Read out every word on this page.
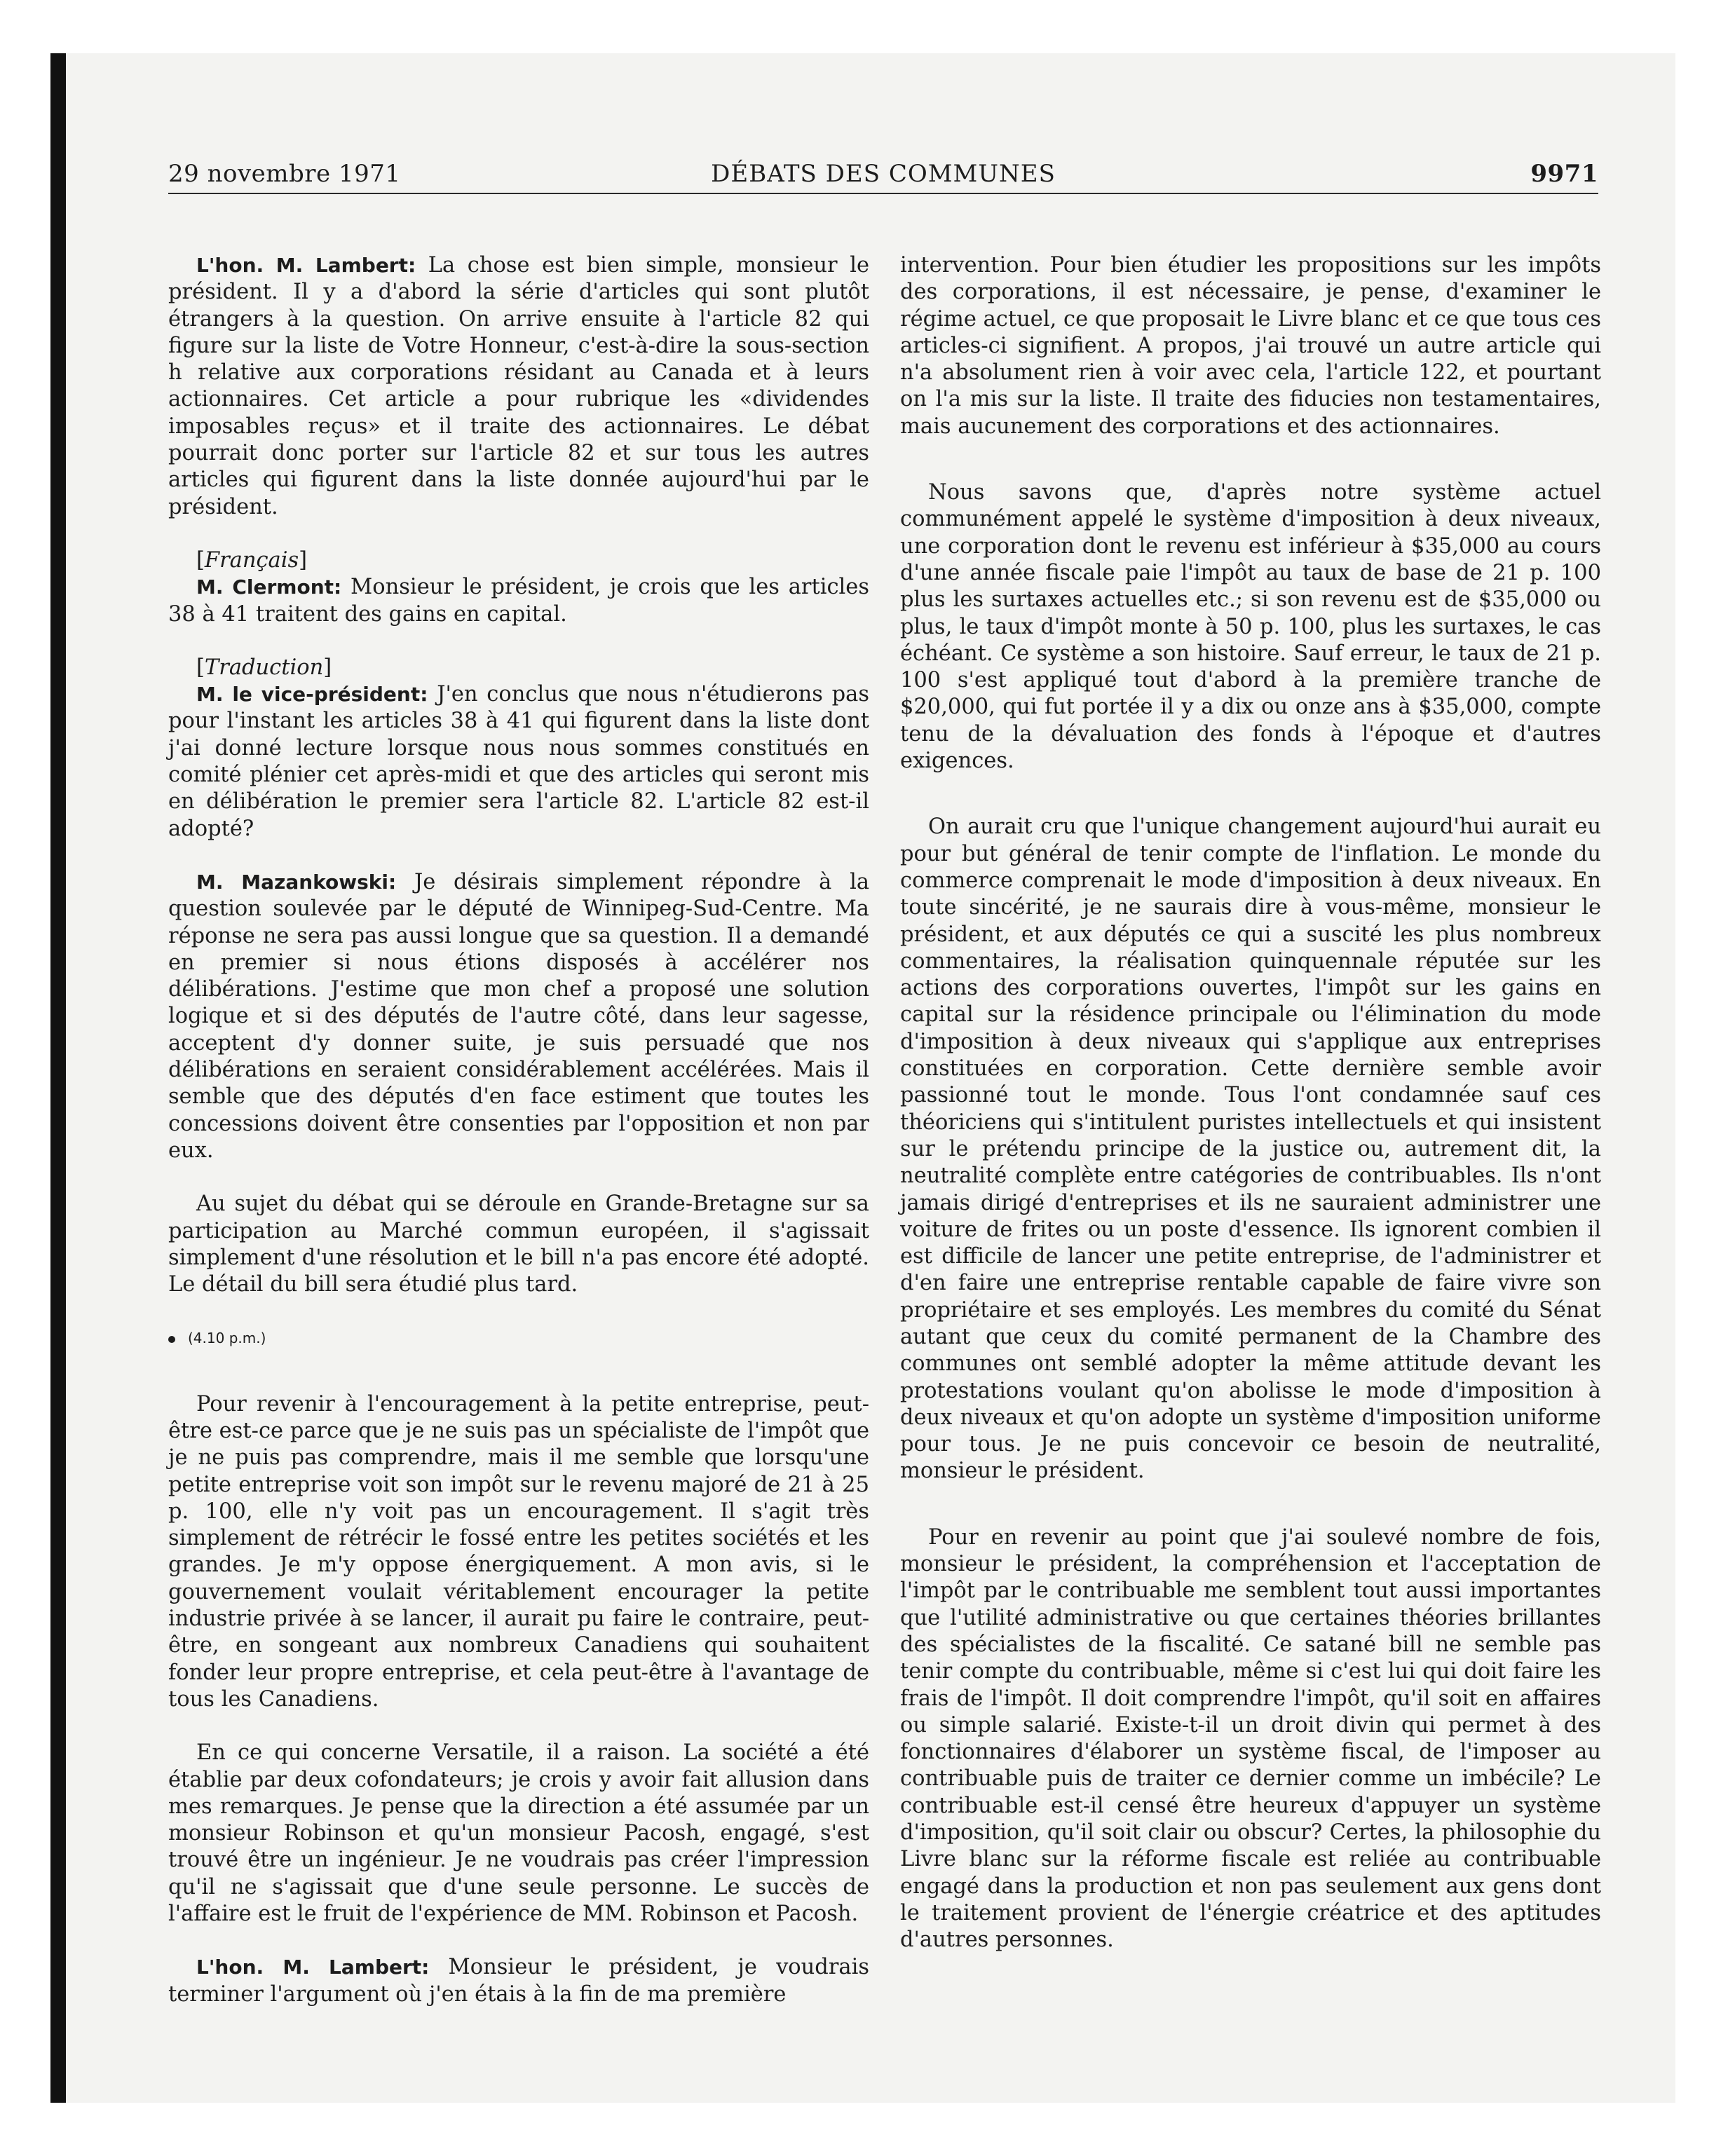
29 novembre 1971	DÉBATS DES COMMUNES	9971

L'hon. M. Lambert: La chose est bien simple, monsieur le président. Il y a d'abord la série d'articles qui sont plutôt étrangers à la question. On arrive ensuite à l'article 82 qui figure sur la liste de Votre Honneur, c'est-à-dire la sous-section h relative aux corporations résidant au Canada et à leurs actionnaires. Cet article a pour rubrique les «dividendes imposables reçus» et il traite des actionnaires. Le débat pourrait donc porter sur l'article 82 et sur tous les autres articles qui figurent dans la liste donnée aujourd'hui par le président.

[Français]

M. Clermont: Monsieur le président, je crois que les articles 38 à 41 traitent des gains en capital.

[Traduction]

M. le vice-président: J'en conclus que nous n'étudierons pas pour l'instant les articles 38 à 41 qui figurent dans la liste dont j'ai donné lecture lorsque nous nous sommes constitués en comité plénier cet après-midi et que des articles qui seront mis en délibération le premier sera l'article 82. L'article 82 est-il adopté?

M. Mazankowski: Je désirais simplement répondre à la question soulevée par le député de Winnipeg-Sud-Centre. Ma réponse ne sera pas aussi longue que sa question. Il a demandé en premier si nous étions disposés à accélérer nos délibérations. J'estime que mon chef a proposé une solution logique et si des députés de l'autre côté, dans leur sagesse, acceptent d'y donner suite, je suis persuadé que nos délibérations en seraient considérablement accélérées. Mais il semble que des députés d'en face estiment que toutes les concessions doivent être consenties par l'opposition et non par eux.

Au sujet du débat qui se déroule en Grande-Bretagne sur sa participation au Marché commun européen, il s'agissait simplement d'une résolution et le bill n'a pas encore été adopté. Le détail du bill sera étudié plus tard.

(4.10 p.m.)

Pour revenir à l'encouragement à la petite entreprise, peut-être est-ce parce que je ne suis pas un spécialiste de l'impôt que je ne puis pas comprendre, mais il me semble que lorsqu'une petite entreprise voit son impôt sur le revenu majoré de 21 à 25 p. 100, elle n'y voit pas un encouragement. Il s'agit très simplement de rétrécir le fossé entre les petites sociétés et les grandes. Je m'y oppose énergiquement. A mon avis, si le gouvernement voulait véritablement encourager la petite industrie privée à se lancer, il aurait pu faire le contraire, peut-être, en songeant aux nombreux Canadiens qui souhaitent fonder leur propre entreprise, et cela peut-être à l'avantage de tous les Canadiens.

En ce qui concerne Versatile, il a raison. La société a été établie par deux cofondateurs; je crois y avoir fait allusion dans mes remarques. Je pense que la direction a été assumée par un monsieur Robinson et qu'un monsieur Pacosh, engagé, s'est trouvé être un ingénieur. Je ne voudrais pas créer l'impression qu'il ne s'agissait que d'une seule personne. Le succès de l'affaire est le fruit de l'expérience de MM. Robinson et Pacosh.

L'hon. M. Lambert: Monsieur le président, je voudrais terminer l'argument où j'en étais à la fin de ma première

intervention. Pour bien étudier les propositions sur les impôts des corporations, il est nécessaire, je pense, d'examiner le régime actuel, ce que proposait le Livre blanc et ce que tous ces articles-ci signifient. A propos, j'ai trouvé un autre article qui n'a absolument rien à voir avec cela, l'article 122, et pourtant on l'a mis sur la liste. Il traite des fiducies non testamentaires, mais aucunement des corporations et des actionnaires.

Nous savons que, d'après notre système actuel communément appelé le système d'imposition à deux niveaux, une corporation dont le revenu est inférieur à $35,000 au cours d'une année fiscale paie l'impôt au taux de base de 21 p. 100 plus les surtaxes actuelles etc.; si son revenu est de $35,000 ou plus, le taux d'impôt monte à 50 p. 100, plus les surtaxes, le cas échéant. Ce système a son histoire. Sauf erreur, le taux de 21 p. 100 s'est appliqué tout d'abord à la première tranche de $20,000, qui fut portée il y a dix ou onze ans à $35,000, compte tenu de la dévaluation des fonds à l'époque et d'autres exigences.

On aurait cru que l'unique changement aujourd'hui aurait eu pour but général de tenir compte de l'inflation. Le monde du commerce comprenait le mode d'imposition à deux niveaux. En toute sincérité, je ne saurais dire à vous-même, monsieur le président, et aux députés ce qui a suscité les plus nombreux commentaires, la réalisation quinquennale réputée sur les actions des corporations ouvertes, l'impôt sur les gains en capital sur la résidence principale ou l'élimination du mode d'imposition à deux niveaux qui s'applique aux entreprises constituées en corporation. Cette dernière semble avoir passionné tout le monde. Tous l'ont condamnée sauf ces théoriciens qui s'intitulent puristes intellectuels et qui insistent sur le prétendu principe de la justice ou, autrement dit, la neutralité complète entre catégories de contribuables. Ils n'ont jamais dirigé d'entreprises et ils ne sauraient administrer une voiture de frites ou un poste d'essence. Ils ignorent combien il est difficile de lancer une petite entreprise, de l'administrer et d'en faire une entreprise rentable capable de faire vivre son propriétaire et ses employés. Les membres du comité du Sénat autant que ceux du comité permanent de la Chambre des communes ont semblé adopter la même attitude devant les protestations voulant qu'on abolisse le mode d'imposition à deux niveaux et qu'on adopte un système d'imposition uniforme pour tous. Je ne puis concevoir ce besoin de neutralité, monsieur le président.

Pour en revenir au point que j'ai soulevé nombre de fois, monsieur le président, la compréhension et l'acceptation de l'impôt par le contribuable me semblent tout aussi importantes que l'utilité administrative ou que certaines théories brillantes des spécialistes de la fiscalité. Ce satané bill ne semble pas tenir compte du contribuable, même si c'est lui qui doit faire les frais de l'impôt. Il doit comprendre l'impôt, qu'il soit en affaires ou simple salarié. Existe-t-il un droit divin qui permet à des fonctionnaires d'élaborer un système fiscal, de l'imposer au contribuable puis de traiter ce dernier comme un imbécile? Le contribuable est-il censé être heureux d'appuyer un système d'imposition, qu'il soit clair ou obscur? Certes, la philosophie du Livre blanc sur la réforme fiscale est reliée au contribuable engagé dans la production et non pas seulement aux gens dont le traitement provient de l'énergie créatrice et des aptitudes d'autres personnes.
